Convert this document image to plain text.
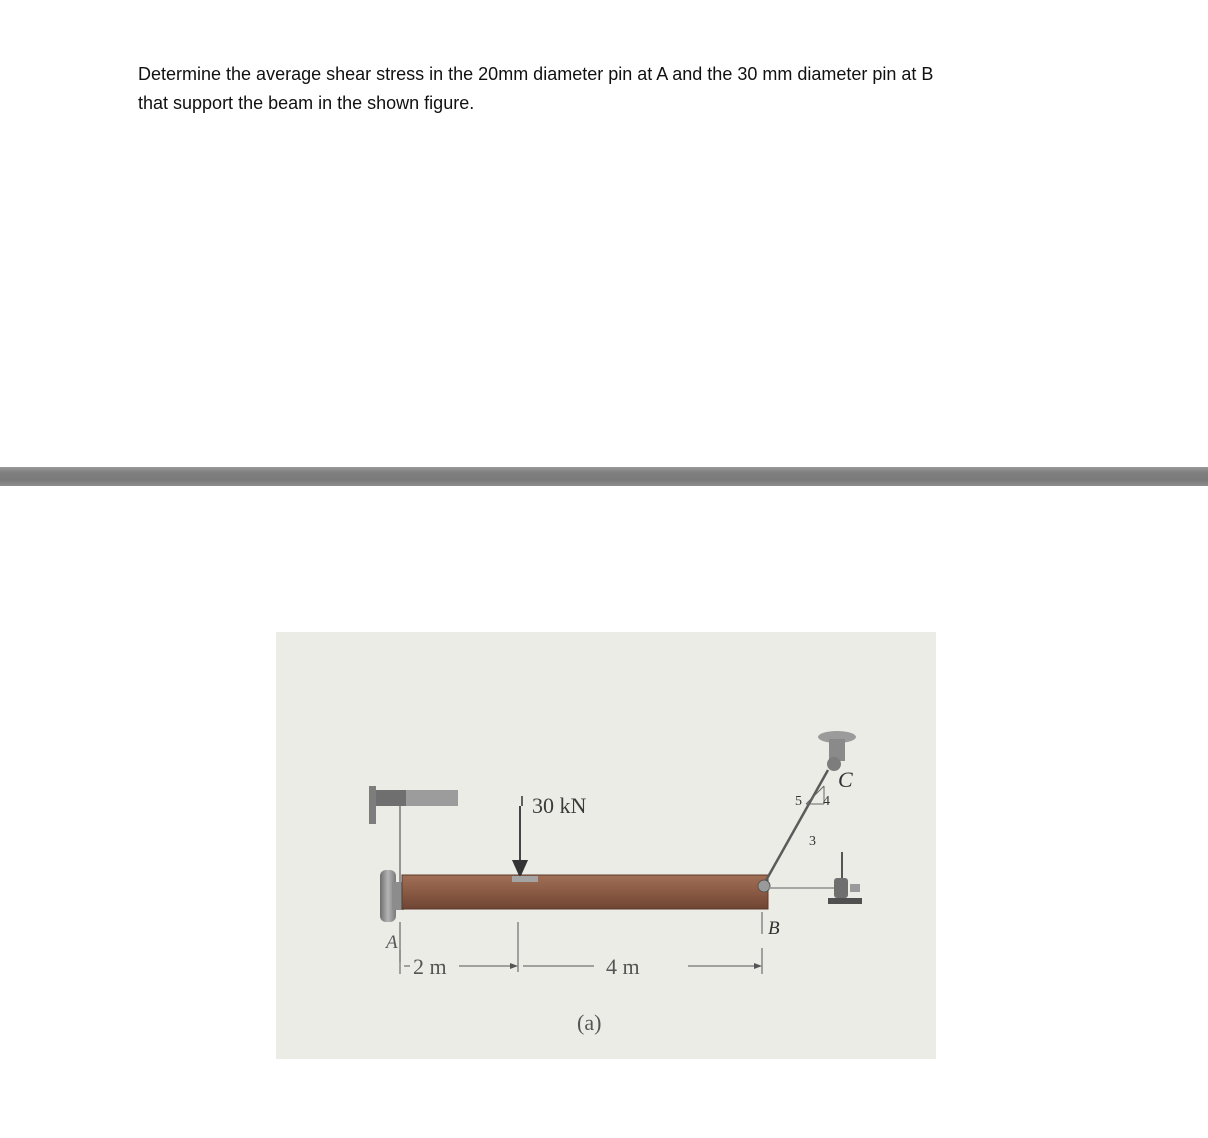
Determine the average shear stress in the 20mm diameter pin at A and the 30 mm diameter pin at B

that support the beam in the shown figure.

30 kN
C
5 4
3
B
A
2 m	4 m
(a)
